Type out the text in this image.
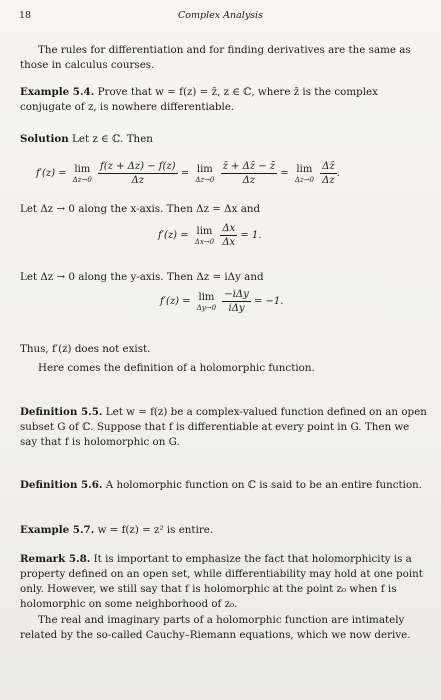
18	Complex Analysis
The rules for differentiation and for finding derivatives are the same as those in calculus courses.
Example 5.4. Prove that w = f(z) = z̄, z ∈ ℂ, where z̄ is the complex conjugate of z, is nowhere differentiable.
Solution Let z ∈ ℂ. Then
f′(z) = lim
Δz→0
$\frac{f(z + \Delta z) - f(z)}{\Delta z} = \lim$
Δz→0
$\frac{z̄ + \Delta z̄ - z̄}{\Delta z} = \lim$
Δz→0
$\frac{\Delta z̄}{\Delta z}$ .
Let Δz → 0 along the x-axis. Then Δz = Δx and
f′(z) = lim
Δx→0
$\frac{\Delta x}{\Delta x} = 1$.
Let Δz → 0 along the y-axis. Then Δz = iΔy and
f′(z) = lim
Δy→0
$\frac{\text{−iΔy}}{\text{iΔy}} = -1$.
Thus, f′(z) does not exist.
Here comes the definition of a holomorphic function.
Definition 5.5. Let w = f(z) be a complex-valued function defined on an open subset G of ℂ. Suppose that f is differentiable at every point in G. Then we say that f is holomorphic on G.
Definition 5.6. A holomorphic function on ℂ is said to be an entire function.
Example 5.7. w = f(z) = z² is entire.
Remark 5.8. It is important to emphasize the fact that holomorphicity is a property defined on an open set, while differentiability may hold at one point only. However, we still say that f is holomorphic at the point z₀ when f is holomorphic on some neighborhood of z₀.
The real and imaginary parts of a holomorphic function are intimately related by the so-called Cauchy–Riemann equations, which we now derive.
